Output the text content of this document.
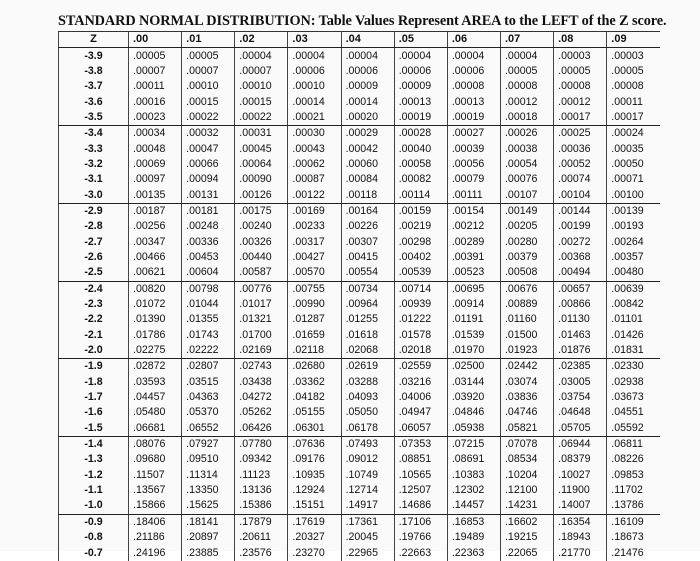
STANDARD NORMAL DISTRIBUTION: Table Values Represent AREA to the LEFT of the Z score.
Z	.00	.01	.02	.03	.04	.05	.06	.07	.08	.09
-3.9	.00005	.00005	.00004	.00004	.00004	.00004	.00004	.00004	.00003	.00003
-3.8	.00007	.00007	.00007	.00006	.00006	.00006	.00006	.00005	.00005	.00005
-3.7	.00011	.00010	.00010	.00010	.00009	.00009	.00008	.00008	.00008	.00008
-3.6	.00016	.00015	.00015	.00014	.00014	.00013	.00013	.00012	.00012	.00011
-3.5	.00023	.00022	.00022	.00021	.00020	.00019	.00019	.00018	.00017	.00017
-3.4	.00034	.00032	.00031	.00030	.00029	.00028	.00027	.00026	.00025	.00024
-3.3	.00048	.00047	.00045	.00043	.00042	.00040	.00039	.00038	.00036	.00035
-3.2	.00069	.00066	.00064	.00062	.00060	.00058	.00056	.00054	.00052	.00050
-3.1	.00097	.00094	.00090	.00087	.00084	.00082	.00079	.00076	.00074	.00071
-3.0	.00135	.00131	.00126	.00122	.00118	.00114	.00111	.00107	.00104	.00100
-2.9	.00187	.00181	.00175	.00169	.00164	.00159	.00154	.00149	.00144	.00139
-2.8	.00256	.00248	.00240	.00233	.00226	.00219	.00212	.00205	.00199	.00193
-2.7	.00347	.00336	.00326	.00317	.00307	.00298	.00289	.00280	.00272	.00264
-2.6	.00466	.00453	.00440	.00427	.00415	.00402	.00391	.00379	.00368	.00357
-2.5	.00621	.00604	.00587	.00570	.00554	.00539	.00523	.00508	.00494	.00480
-2.4	.00820	.00798	.00776	.00755	.00734	.00714	.00695	.00676	.00657	.00639
-2.3	.01072	.01044	.01017	.00990	.00964	.00939	.00914	.00889	.00866	.00842
-2.2	.01390	.01355	.01321	.01287	.01255	.01222	.01191	.01160	.01130	.01101
-2.1	.01786	.01743	.01700	.01659	.01618	.01578	.01539	.01500	.01463	.01426
-2.0	.02275	.02222	.02169	.02118	.02068	.02018	.01970	.01923	.01876	.01831
-1.9	.02872	.02807	.02743	.02680	.02619	.02559	.02500	.02442	.02385	.02330
-1.8	.03593	.03515	.03438	.03362	.03288	.03216	.03144	.03074	.03005	.02938
-1.7	.04457	.04363	.04272	.04182	.04093	.04006	.03920	.03836	.03754	.03673
-1.6	.05480	.05370	.05262	.05155	.05050	.04947	.04846	.04746	.04648	.04551
-1.5	.06681	.06552	.06426	.06301	.06178	.06057	.05938	.05821	.05705	.05592
-1.4	.08076	.07927	.07780	.07636	.07493	.07353	.07215	.07078	.06944	.06811
-1.3	.09680	.09510	.09342	.09176	.09012	.08851	.08691	.08534	.08379	.08226
-1.2	.11507	.11314	.11123	.10935	.10749	.10565	.10383	.10204	.10027	.09853
-1.1	.13567	.13350	.13136	.12924	.12714	.12507	.12302	.12100	.11900	.11702
-1.0	.15866	.15625	.15386	.15151	.14917	.14686	.14457	.14231	.14007	.13786
-0.9	.18406	.18141	.17879	.17619	.17361	.17106	.16853	.16602	.16354	.16109
-0.8	.21186	.20897	.20611	.20327	.20045	.19766	.19489	.19215	.18943	.18673
-0.7	.24196	.23885	.23576	.23270	.22965	.22663	.22363	.22065	.21770	.21476
